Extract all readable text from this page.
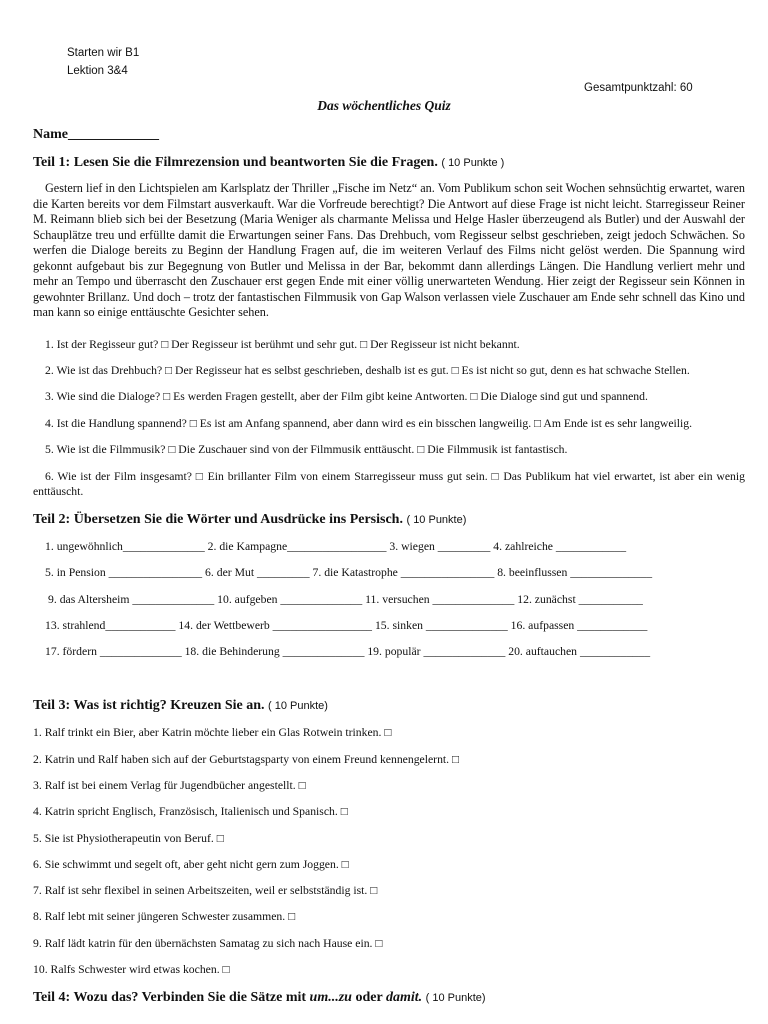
Starten wir B1
Lektion 3&4
Gesamtpunktzahl: 60
Das wöchentliches Quiz
Name_____________
Teil 1: Lesen Sie die Filmrezension und beantworten Sie die Fragen. ( 10 Punkte )
Gestern lief in den Lichtspielen am Karlsplatz der Thriller „Fische im Netz“ an. Vom Publikum schon seit Wochen sehnsüchtig erwartet, waren die Karten bereits vor dem Filmstart ausverkauft. War die Vorfreude berechtigt? Die Antwort auf diese Frage ist nicht leicht. Starregisseur Reiner M. Reimann blieb sich bei der Besetzung (Maria Weniger als charmante Melissa und Helge Hasler überzeugend als Butler) und der Auswahl der Schauplätze treu und erfüllte damit die Erwartungen seiner Fans. Das Drehbuch, vom Regisseur selbst geschrieben, zeigt jedoch Schwächen. So werfen die Dialoge bereits zu Beginn der Handlung Fragen auf, die im weiteren Verlauf des Films nicht gelöst werden. Die Spannung wird gekonnt aufgebaut bis zur Begegnung von Butler und Melissa in der Bar, bekommt dann allerdings Längen. Die Handlung verliert mehr und mehr an Tempo und überrascht den Zuschauer erst gegen Ende mit einer völlig unerwarteten Wendung. Hier zeigt der Regisseur sein Können in gewohnter Brillanz. Und doch – trotz der fantastischen Filmmusik von Gap Walson verlassen viele Zuschauer am Ende sehr schnell das Kino und man kann so einige enttäuschte Gesichter sehen.
1. Ist der Regisseur gut? □ Der Regisseur ist berühmt und sehr gut. □ Der Regisseur ist nicht bekannt.
2. Wie ist das Drehbuch? □ Der Regisseur hat es selbst geschrieben, deshalb ist es gut. □ Es ist nicht so gut, denn es hat schwache Stellen.
3. Wie sind die Dialoge? □ Es werden Fragen gestellt, aber der Film gibt keine Antworten. □ Die Dialoge sind gut und spannend.
4. Ist die Handlung spannend? □ Es ist am Anfang spannend, aber dann wird es ein bisschen langweilig. □ Am Ende ist es sehr langweilig.
5. Wie ist die Filmmusik? □ Die Zuschauer sind von der Filmmusik enttäuscht. □ Die Filmmusik ist fantastisch.
6. Wie ist der Film insgesamt? □ Ein brillanter Film von einem Starregisseur muss gut sein. □ Das Publikum hat viel erwartet, ist aber ein wenig enttäuscht.
Teil 2: Übersetzen Sie die Wörter und Ausdrücke ins Persisch. ( 10 Punkte)
1. ungewöhnlich______________ 2. die Kampagne_________________ 3. wiegen _________ 4. zahlreiche ____________
5. in Pension ________________ 6. der Mut _________ 7. die Katastrophe ________________ 8. beeinflussen ______________
9. das Altersheim ______________ 10. aufgeben ______________ 11. versuchen ______________ 12. zunächst ___________
13. strahlend____________ 14. der Wettbewerb _________________ 15. sinken ______________ 16. aufpassen ____________
17. fördern ______________ 18. die Behinderung ______________ 19. populär ______________ 20. auftauchen ____________
Teil 3: Was ist richtig? Kreuzen Sie an. ( 10 Punkte)
1. Ralf trinkt ein Bier, aber Katrin möchte lieber ein Glas Rotwein trinken. □
2. Katrin und Ralf haben sich auf der Geburtstagsparty von einem Freund kennengelernt. □
3. Ralf ist bei einem Verlag für Jugendbücher angestellt. □
4. Katrin spricht Englisch, Französisch, Italienisch und Spanisch. □
5. Sie ist Physiotherapeutin von Beruf. □
6. Sie schwimmt und segelt oft, aber geht nicht gern zum Joggen. □
7. Ralf ist sehr flexibel in seinen Arbeitszeiten, weil er selbstständig ist. □
8. Ralf lebt mit seiner jüngeren Schwester zusammen. □
9. Ralf lädt katrin für den übernächsten Samatag zu sich nach Hause ein. □
10. Ralfs Schwester wird etwas kochen. □
Teil 4: Wozu das? Verbinden Sie die Sätze mit um...zu oder damit. ( 10 Punkte)
